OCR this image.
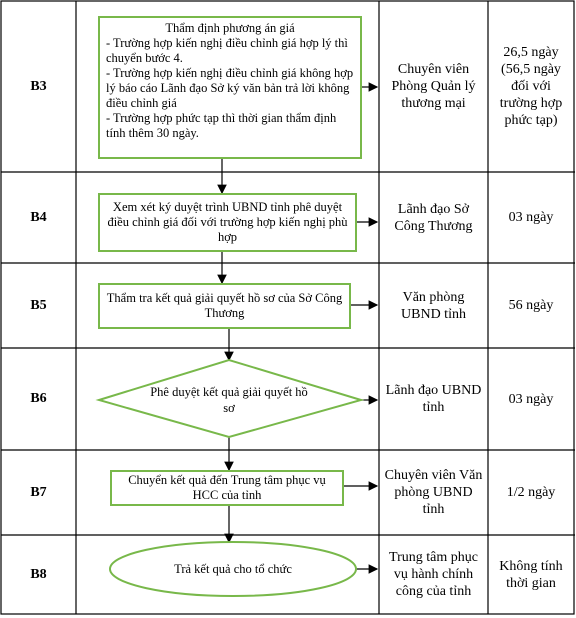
B3
B4
B5
B6
B7
B8
Thẩm định phương án giá
- Trường hợp kiến nghị điều chỉnh giá hợp lý thì chuyển bước 4.
- Trường hợp kiến nghị điều chỉnh giá không hợp lý báo cáo Lãnh đạo Sở ký văn bản trả lời không điều chỉnh giá
- Trường hợp phức tạp thì thời gian thẩm định tính thêm 30 ngày.
Xem xét ký duyệt trình UBND tỉnh phê duyệt điều chỉnh giá đối với trường hợp kiến nghị phù hợp
Thẩm tra kết quả giải quyết hồ sơ của Sở Công Thương
Phê duyệt kết quả giải quyết hồ sơ
Chuyển kết quả đến Trung tâm phục vụ HCC của tỉnh
Trả kết quả cho tổ chức
Chuyên viên Phòng Quản lý thương mại
Lãnh đạo Sở Công Thương
Văn phòng UBND tỉnh
Lãnh đạo UBND tỉnh
Chuyên viên Văn phòng UBND tỉnh
Trung tâm phục vụ hành chính công của tỉnh
26,5 ngày (56,5 ngày đối với trường hợp phức tạp)
03 ngày
56 ngày
03 ngày
1/2 ngày
Không tính thời gian
